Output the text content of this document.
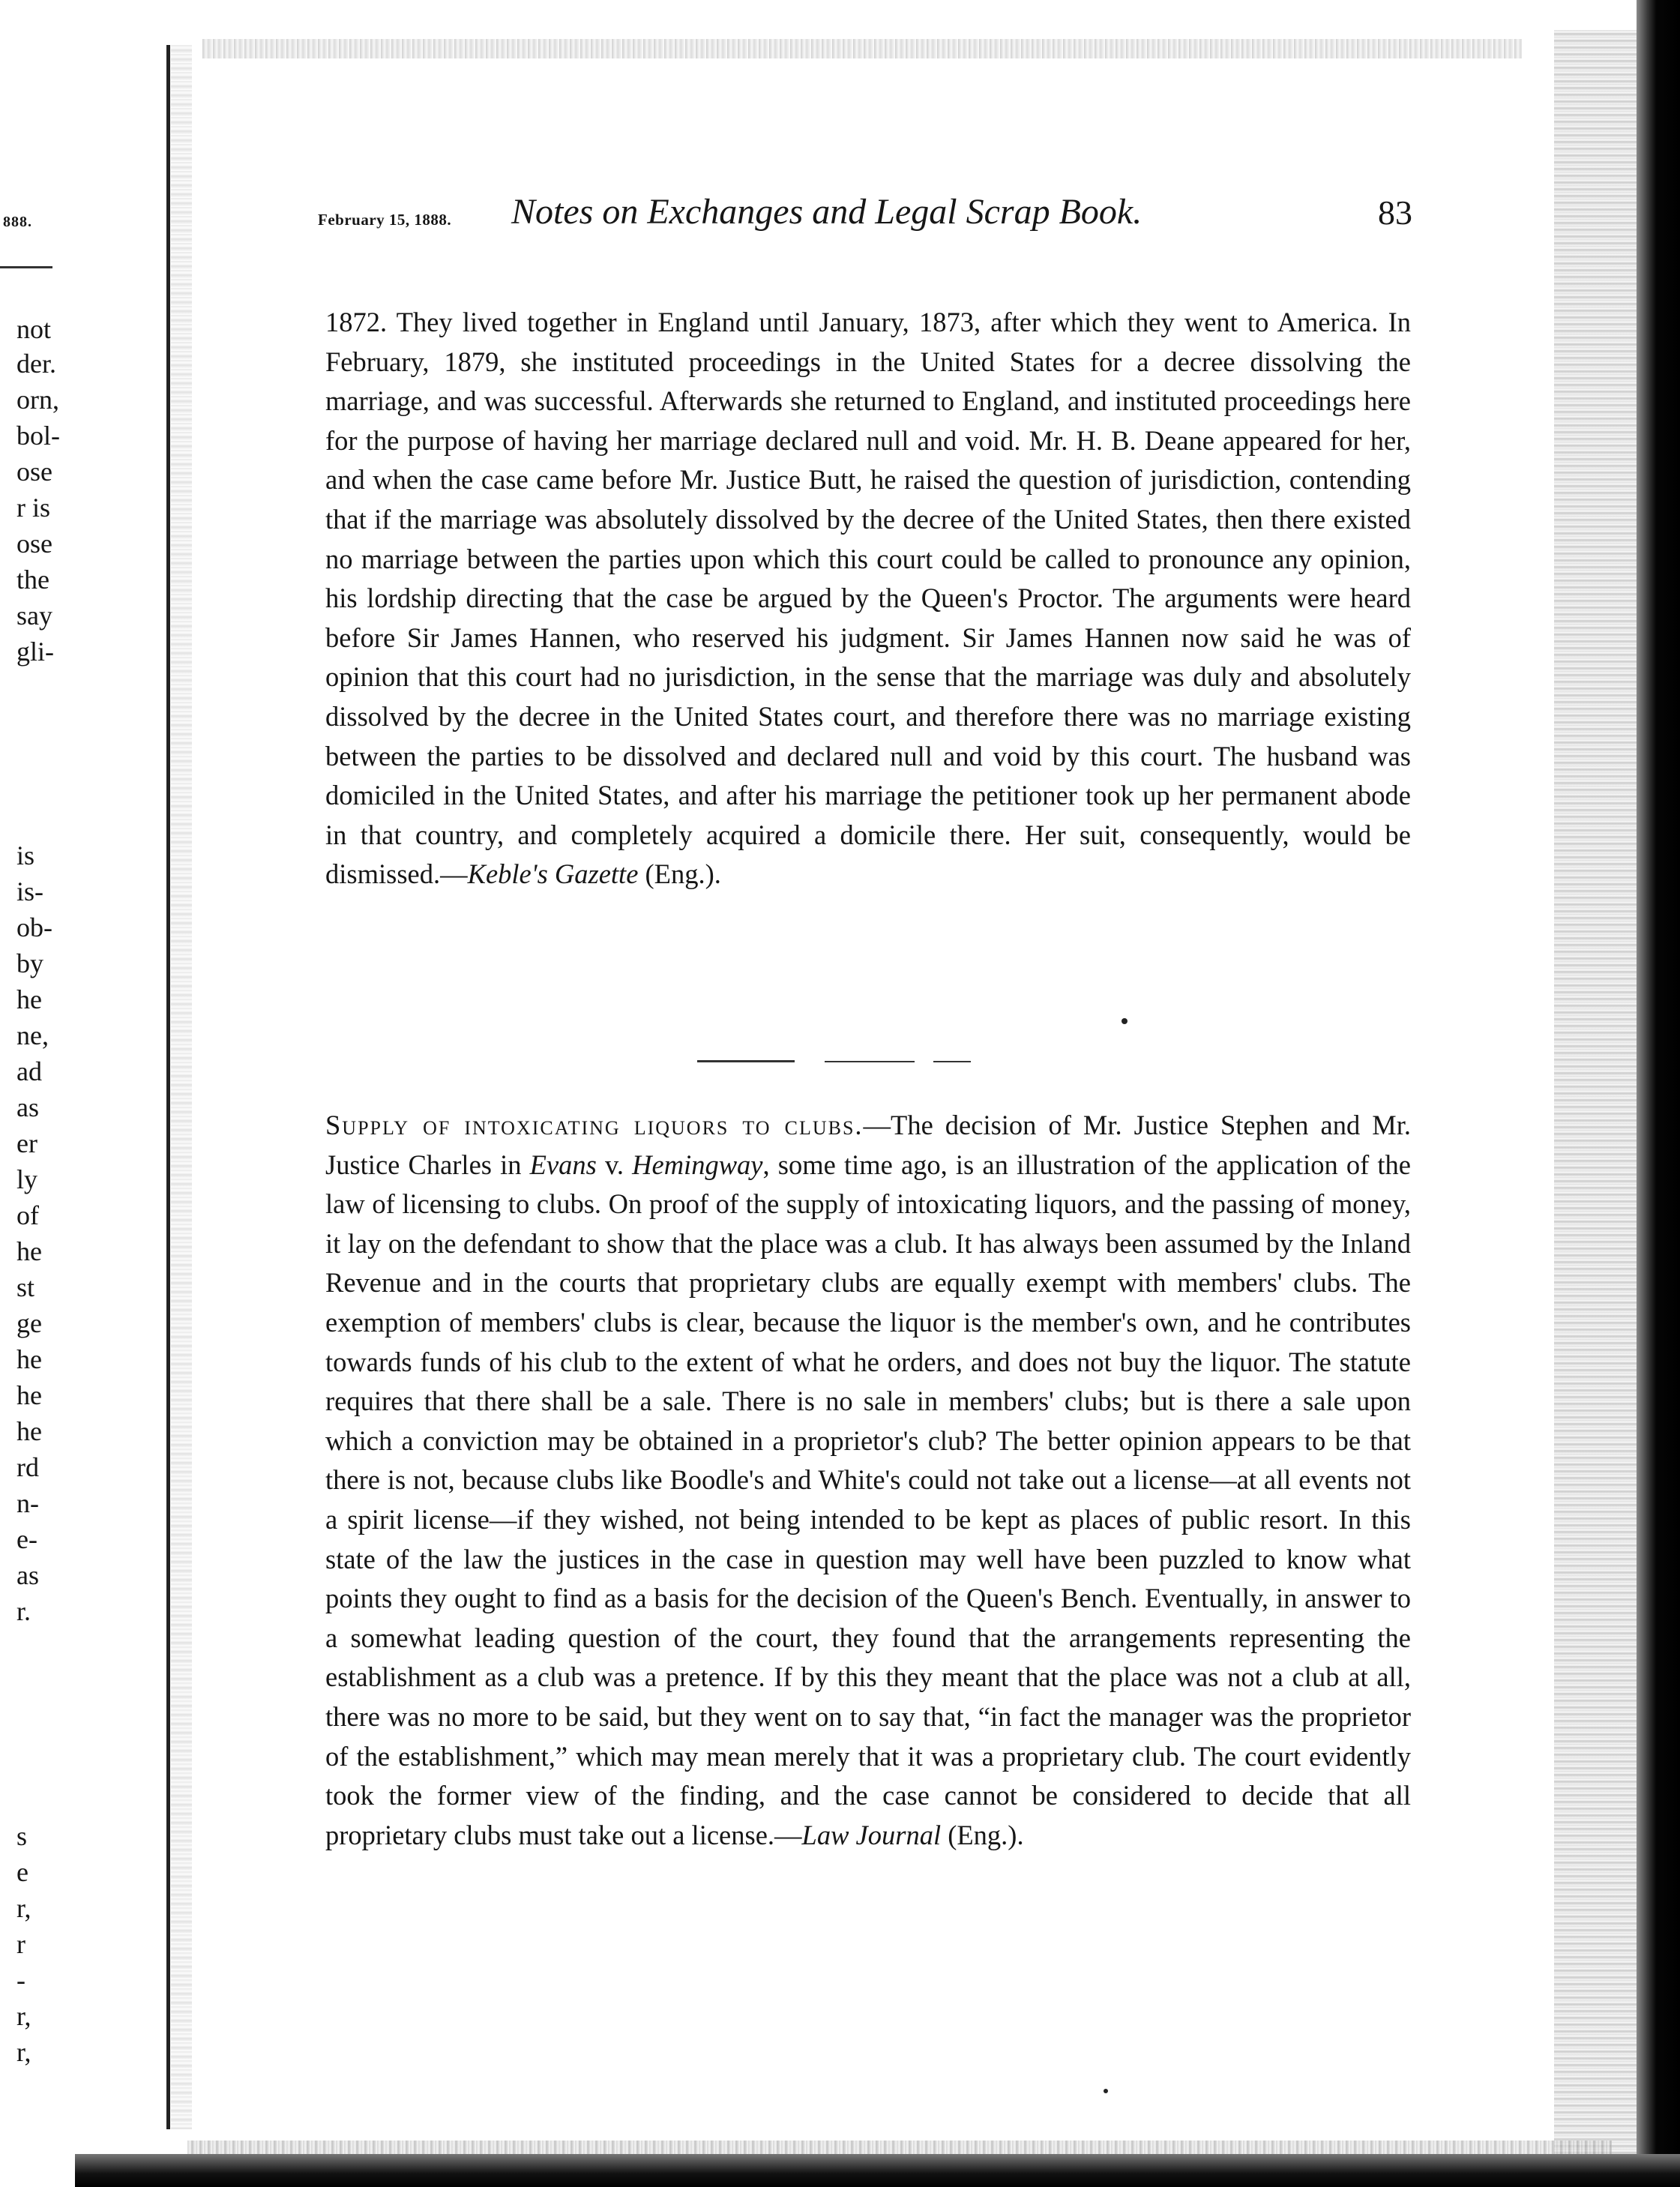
888.
not
der.
orn,
bol-
ose
r is
ose
the
say
gli-
is
is-
ob-
by
he
ne,
ad
as
er
ly
of
he
st
ge
he
he
he
rd
n-
e-
as
r.
s
e
r,
r
-
r,
r,
February 15, 1888. Notes on Exchanges and Legal Scrap Book.	83

1872. They lived together in England until January, 1873, after which they went to America. In February, 1879, she instituted proceedings in the United States for a decree dissolving the marriage, and was successful. Afterwards she returned to England, and instituted proceedings here for the purpose of having her marriage declared null and void. Mr. H. B. Deane appeared for her, and when the case came before Mr. Justice Butt, he raised the question of jurisdiction, contending that if the marriage was absolutely dissolved by the decree of the United States, then there existed no marriage between the parties upon which this court could be called to pronounce any opinion, his lordship directing that the case be argued by the Queen's Proctor. The arguments were heard before Sir James Hannen, who reserved his judgment. Sir James Hannen now said he was of opinion that this court had no jurisdiction, in the sense that the marriage was duly and absolutely dissolved by the decree in the United States court, and therefore there was no marriage existing between the parties to be dissolved and declared null and void by this court. The husband was domiciled in the United States, and after his marriage the petitioner took up her permanent abode in that country, and completely acquired a domicile there. Her suit, consequently, would be dismissed.—Keble's Gazette (Eng.).

Supply of intoxicating liquors to clubs.—The decision of Mr. Justice Stephen and Mr. Justice Charles in Evans v. Hemingway, some time ago, is an illustration of the application of the law of licensing to clubs. On proof of the supply of intoxicating liquors, and the passing of money, it lay on the defendant to show that the place was a club. It has always been assumed by the Inland Revenue and in the courts that proprietary clubs are equally exempt with members' clubs. The exemption of members' clubs is clear, because the liquor is the member's own, and he contributes towards funds of his club to the extent of what he orders, and does not buy the liquor. The statute requires that there shall be a sale. There is no sale in members' clubs; but is there a sale upon which a conviction may be obtained in a proprietor's club? The better opinion appears to be that there is not, because clubs like Boodle's and White's could not take out a license—at all events not a spirit license—if they wished, not being intended to be kept as places of public resort. In this state of the law the justices in the case in question may well have been puzzled to know what points they ought to find as a basis for the decision of the Queen's Bench. Eventually, in answer to a somewhat leading question of the court, they found that the arrangements representing the establishment as a club was a pretence. If by this they meant that the place was not a club at all, there was no more to be said, but they went on to say that, “in fact the manager was the proprietor of the establishment,” which may mean merely that it was a proprietary club. The court evidently took the former view of the finding, and the case cannot be considered to decide that all proprietary clubs must take out a license.—Law Journal (Eng.).
